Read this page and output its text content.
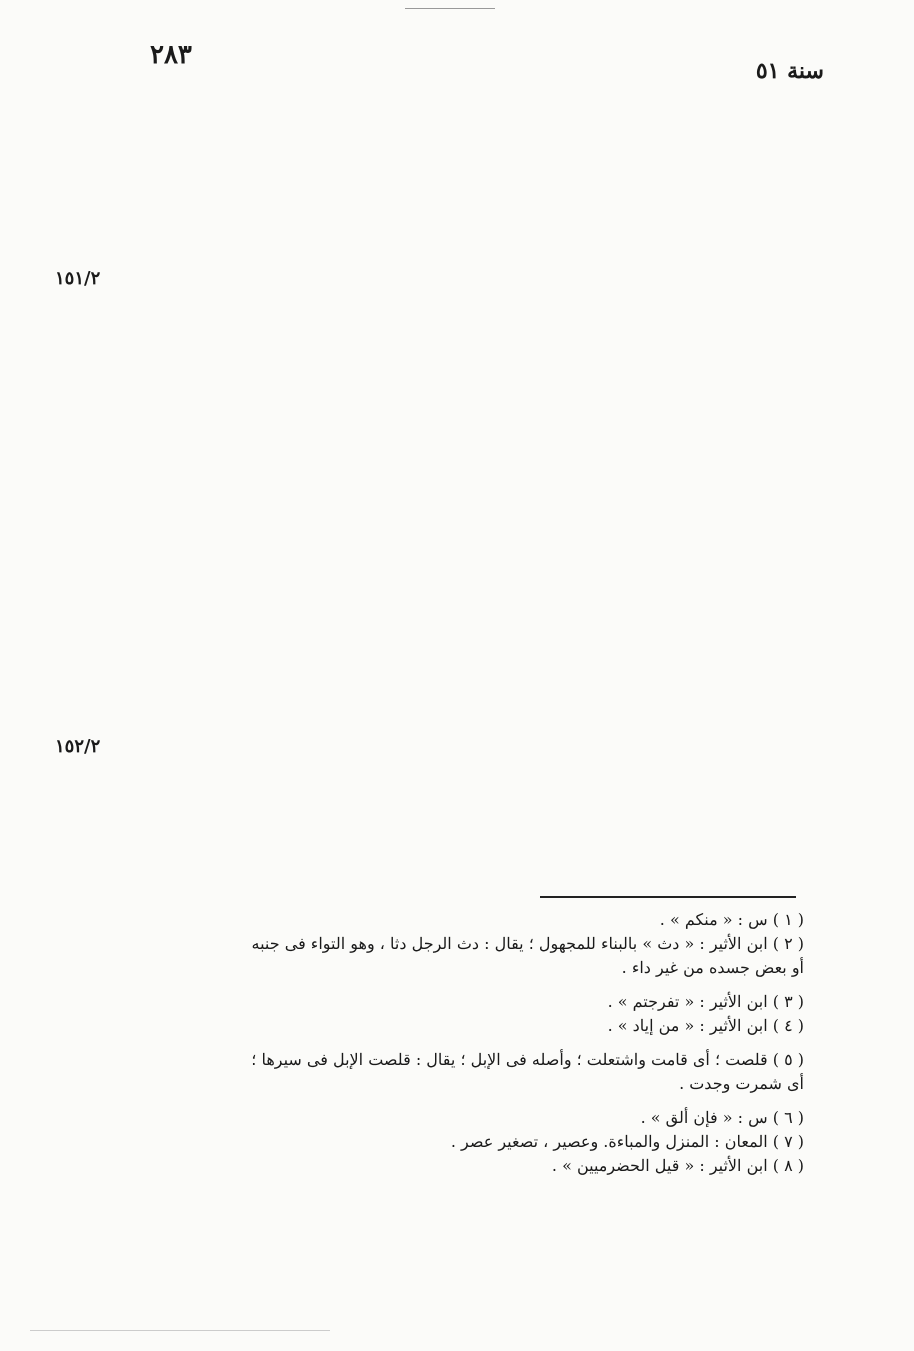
٢٨٣
سنة ٥١
١٥١/٢
١٥٢/٢
( ١ ) س : « منكم » .
( ٢ ) ابن الأثير : « دث » بالبناء للمجهول ؛ يقال : دث الرجل دثا ، وهو التواء فى جنبه
أو بعض جسده من غير داء .
( ٣ ) ابن الأثير : « تفرجتم » .
( ٤ ) ابن الأثير : « من إياد » .
( ٥ ) قلصت ؛ أى قامت واشتعلت ؛ وأصله فى الإبل ؛ يقال : قلصت الإبل فى سيرها ؛
أى شمرت وجدت .
( ٦ ) س : « فإن ألق » .
( ٧ ) المعان : المنزل والمباءة. وعصير ، تصغير عصر .
( ٨ ) ابن الأثير : « قيل الحضرميين » .
